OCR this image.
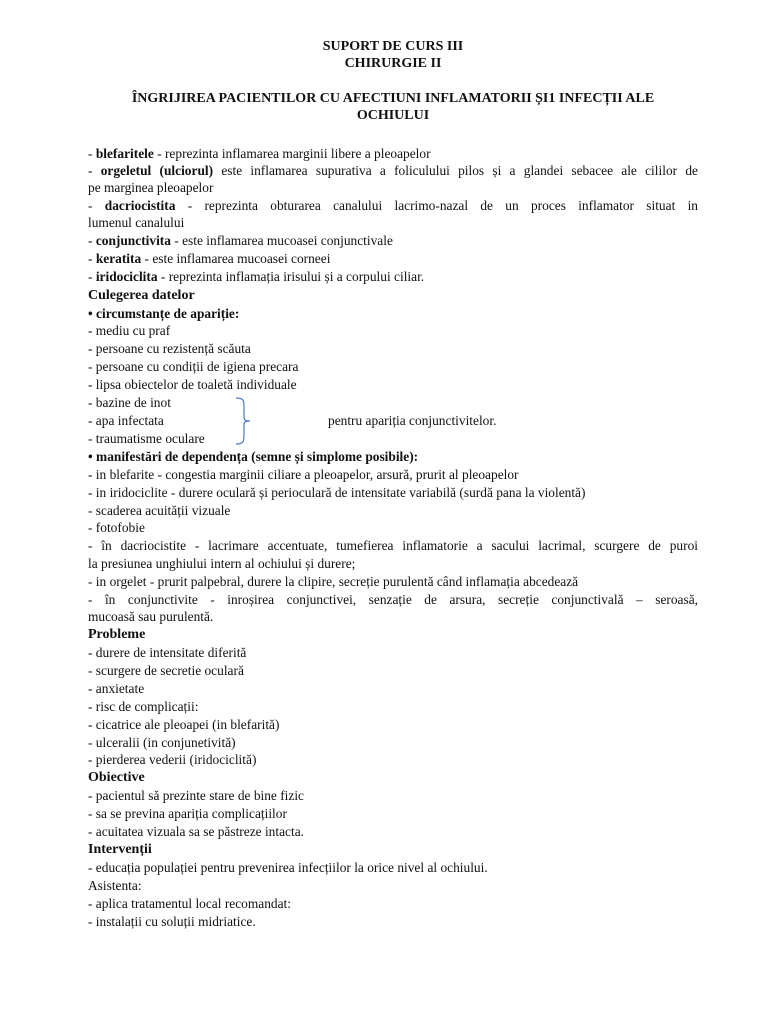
SUPORT DE CURS III
CHIRURGIE II
ÎNGRIJIREA PACIENTILOR CU AFECTIUNI INFLAMATORII ȘI1 INFECȚII ALE
OCHIULUI
- blefaritele - reprezinta inflamarea marginii libere a pleoapelor
- orgeletul (ulciorul) este inflamarea supurativa a foliculului pilos și a glandei sebacee ale cililor de
pe marginea pleoapelor
- dacriocistita - reprezinta obturarea canalului lacrimo-nazal de un proces inflamator situat in
lumenul canalului
- conjunctivita - este inflamarea mucoasei conjunctivale
- keratita - este inflamarea mucoasei corneei
- iridociclita - reprezinta inflamația irisului și a corpului ciliar.
Culegerea datelor
• circumstanțe de apariție:
- mediu cu praf
- persoane cu rezistență scăuta
- persoane cu condiții de igiena precara
- lipsa obiectelor de toaletă individuale
- bazine de inot
- apa infectata
- traumatisme oculare
pentru apariția conjunctivitelor.
• manifestări de dependența (semne și simplome posibile):
- in blefarite - congestia marginii ciliare a pleoapelor, arsură, prurit al pleoapelor
- in iridociclite - durere oculară și perioculară de intensitate variabilă (surdă pana la violentă)
- scaderea acuității vizuale
- fotofobie
- în dacriocistite - lacrimare accentuate, tumefierea inflamatorie a sacului lacrimal, scurgere de puroi
la presiunea unghiului intern al ochiului și durere;
- in orgelet - prurit palpebral, durere la clipire, secreție purulentă când inflamația abcedează
- în conjunctivite - inroșirea conjunctivei, senzație de arsura, secreție conjunctivală – seroasă,
mucoasă sau purulentă.
Probleme
- durere de intensitate diferită
- scurgere de secretie oculară
- anxietate
- risc de complicații:
- cicatrice ale pleoapei (in blefarită)
- ulceralii (in conjunetivită)
- pierderea vederii (iridociclită)
Obiective
- pacientul să prezinte stare de bine fizic
- sa se previna apariția complicațiilor
- acuitatea vizuala sa se păstreze intacta.
Intervenții
- educația populației pentru prevenirea infecțiilor la orice nivel al ochiului.
Asistenta:
- aplica tratamentul local recomandat:
- instalații cu soluții midriatice.
